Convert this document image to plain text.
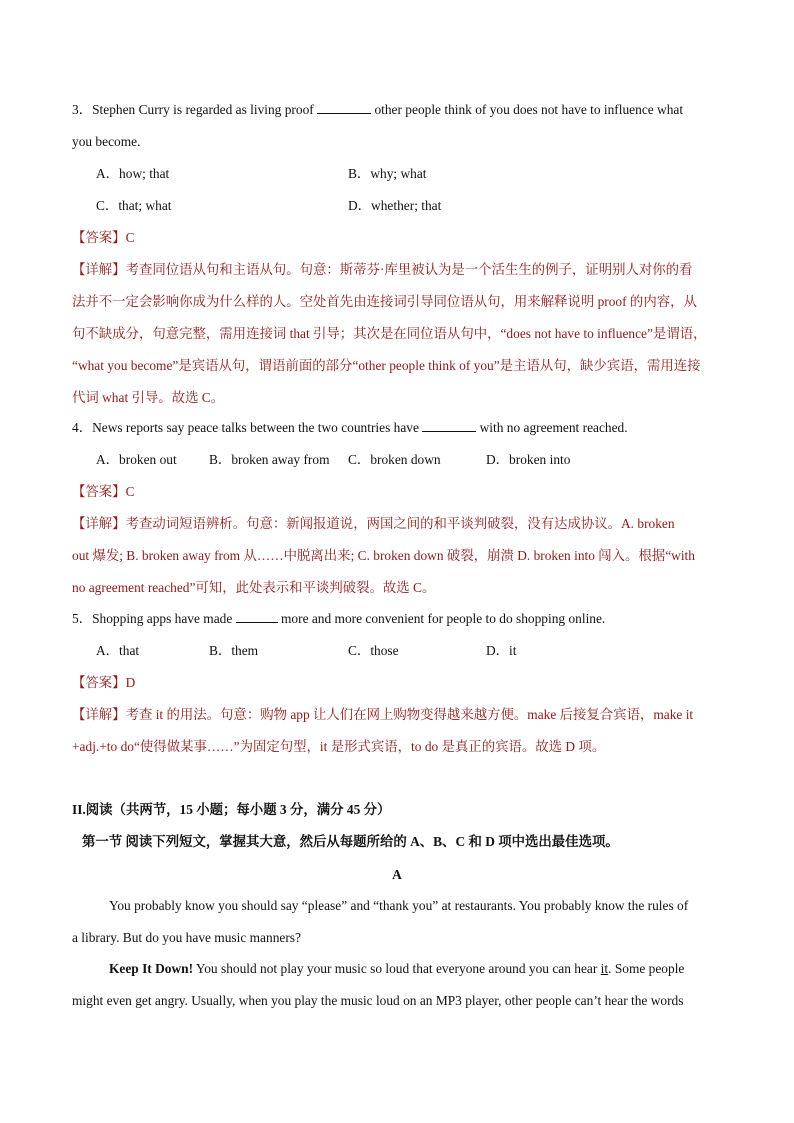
3．Stephen Curry is regarded as living proof	other people think of you does not have to influence what
you become.
A．how; that	B．why; what
C．that; what	D．whether; that
【答案】C
【详解】考查同位语从句和主语从句。句意：斯蒂芬·库里被认为是一个活生生的例子，证明别人对你的看
法并不一定会影响你成为什么样的人。空处首先由连接词引导同位语从句，用来解释说明 proof 的内容，从
句不缺成分，句意完整，需用连接词 that 引导；其次是在同位语从句中，“does not have to influence”是谓语，
“what you become”是宾语从句，谓语前面的部分“other people think of you”是主语从句，缺少宾语，需用连接
代词 what 引导。故选 C。
4．News reports say peace talks between the two countries have	with no agreement reached.
A．broken out B．broken away from C．broken down	D．broken into
【答案】C
【详解】考查动词短语辨析。句意：新闻报道说，两国之间的和平谈判破裂，没有达成协议。A. broken
out 爆发; B. broken away from 从……中脱离出来; C. broken down 破裂，崩溃 D. broken into 闯入。根据“with
no agreement reached”可知，此处表示和平谈判破裂。故选 C。
5．Shopping apps have made	more and more convenient for people to do shopping online.
A．that	B．them	C．those	D．it
【答案】D
【详解】考查 it 的用法。句意：购物 app 让人们在网上购物变得越来越方便。make 后接复合宾语，make it
+adj.+to do“使得做某事……”为固定句型，it 是形式宾语，to do 是真正的宾语。故选 D 项。
II.阅读（共两节，15 小题；每小题 3 分，满分 45 分）
第一节 阅读下列短文，掌握其大意，然后从每题所给的 A、B、C 和 D 项中选出最佳选项。
A
You probably know you should say “please” and “thank you” at restaurants. You probably know the rules of
a library. But do you have music manners?
Keep It Down! You should not play your music so loud that everyone around you can hear it. Some people
might even get angry. Usually, when you play the music loud on an MP3 player, other people can’t hear the words
